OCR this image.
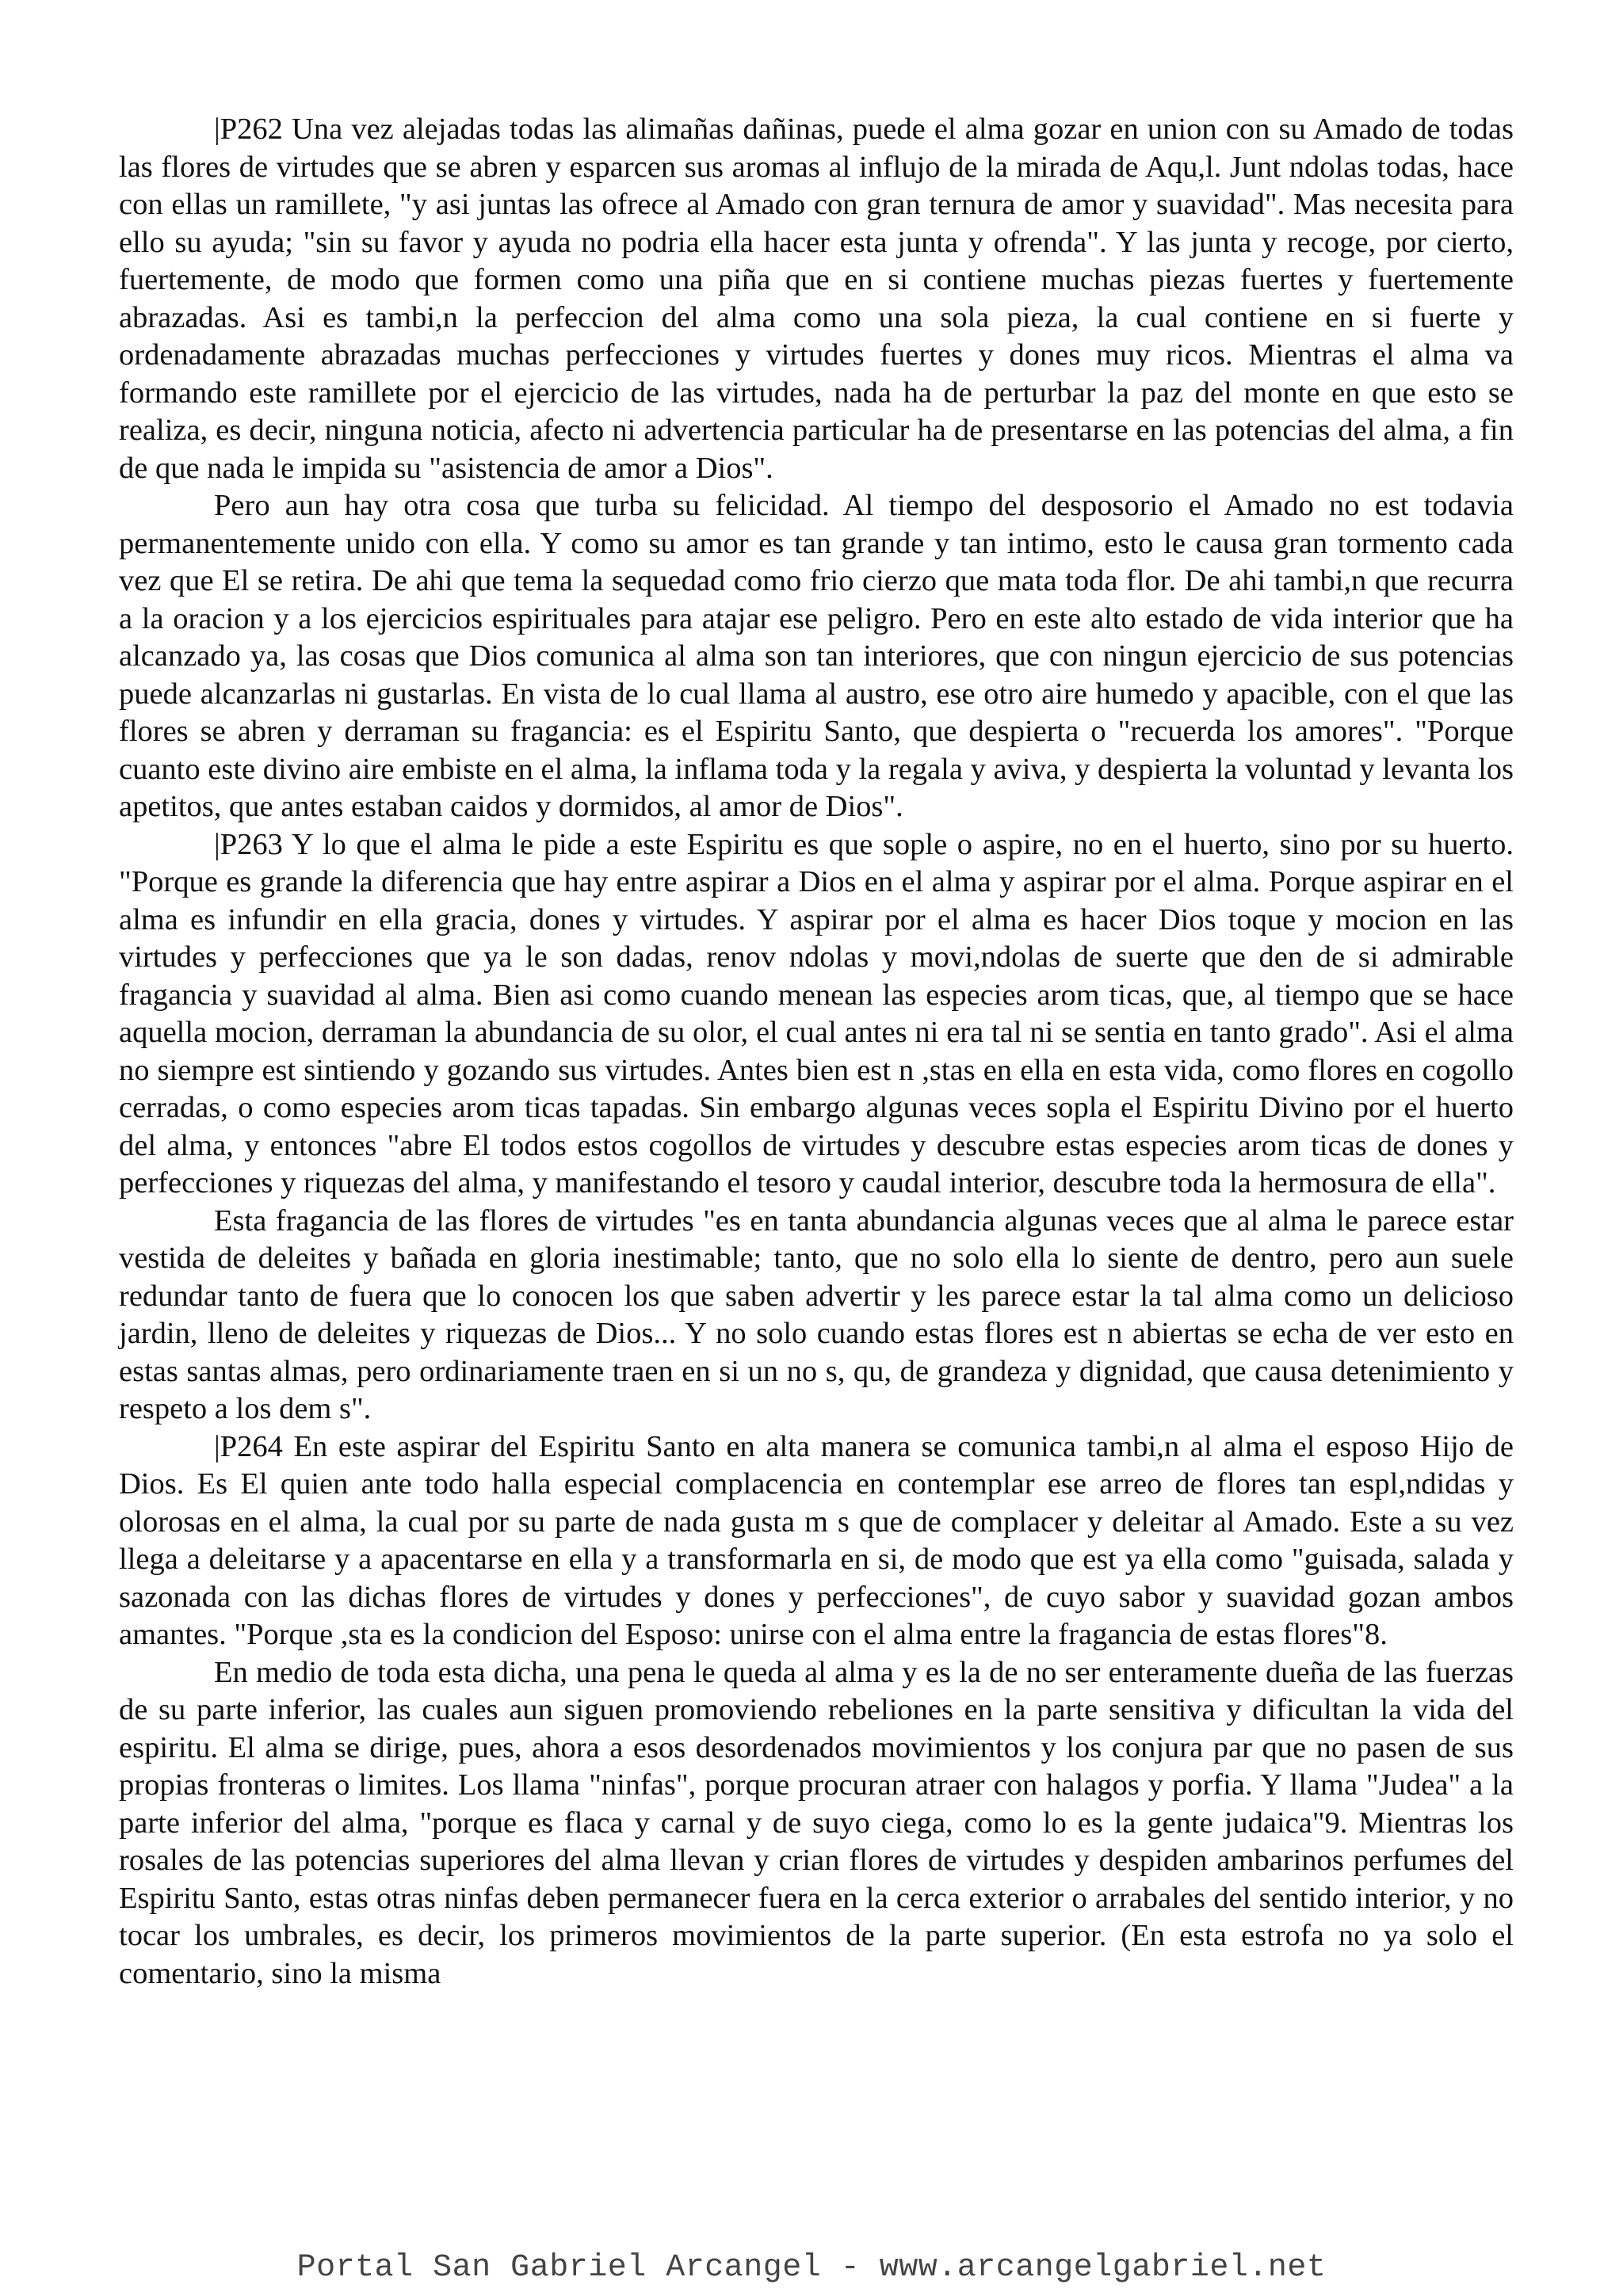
|P262 Una vez alejadas todas las alimañas dañinas, puede el alma gozar en union con su Amado de todas las flores de virtudes que se abren y esparcen sus aromas al influjo de la mirada de Aqu,l. Junt ndolas todas, hace con ellas un ramillete, "y asi juntas las ofrece al Amado con gran ternura de amor y suavidad". Mas necesita para ello su ayuda; "sin su favor y ayuda no podria ella hacer esta junta y ofrenda". Y las junta y recoge, por cierto, fuertemente, de modo que formen como una piña que en si contiene muchas piezas fuertes y fuertemente abrazadas. Asi es tambi,n la perfeccion del alma como una sola pieza, la cual contiene en si fuerte y ordenadamente abrazadas muchas perfecciones y virtudes fuertes y dones muy ricos. Mientras el alma va formando este ramillete por el ejercicio de las virtudes, nada ha de perturbar la paz del monte en que esto se realiza, es decir, ninguna noticia, afecto ni advertencia particular ha de presentarse en las potencias del alma, a fin de que nada le impida su "asistencia de amor a Dios".

Pero aun hay otra cosa que turba su felicidad. Al tiempo del desposorio el Amado no est todavia permanentemente unido con ella. Y como su amor es tan grande y tan intimo, esto le causa gran tormento cada vez que El se retira. De ahi que tema la sequedad como frio cierzo que mata toda flor. De ahi tambi,n que recurra a la oracion y a los ejercicios espirituales para atajar ese peligro. Pero en este alto estado de vida interior que ha alcanzado ya, las cosas que Dios comunica al alma son tan interiores, que con ningun ejercicio de sus potencias puede alcanzarlas ni gustarlas. En vista de lo cual llama al austro, ese otro aire humedo y apacible, con el que las flores se abren y derraman su fragancia: es el Espiritu Santo, que despierta o "recuerda los amores". "Porque cuanto este divino aire embiste en el alma, la inflama toda y la regala y aviva, y despierta la voluntad y levanta los apetitos, que antes estaban caidos y dormidos, al amor de Dios".

|P263 Y lo que el alma le pide a este Espiritu es que sople o aspire, no en el huerto, sino por su huerto. "Porque es grande la diferencia que hay entre aspirar a Dios en el alma y aspirar por el alma. Porque aspirar en el alma es infundir en ella gracia, dones y virtudes. Y aspirar por el alma es hacer Dios toque y mocion en las virtudes y perfecciones que ya le son dadas, renov ndolas y movi,ndolas de suerte que den de si admirable fragancia y suavidad al alma. Bien asi como cuando menean las especies arom ticas, que, al tiempo que se hace aquella mocion, derraman la abundancia de su olor, el cual antes ni era tal ni se sentia en tanto grado". Asi el alma no siempre est sintiendo y gozando sus virtudes. Antes bien est n ,stas en ella en esta vida, como flores en cogollo cerradas, o como especies arom ticas tapadas. Sin embargo algunas veces sopla el Espiritu Divino por el huerto del alma, y entonces "abre El todos estos cogollos de virtudes y descubre estas especies arom ticas de dones y perfecciones y riquezas del alma, y manifestando el tesoro y caudal interior, descubre toda la hermosura de ella".

Esta fragancia de las flores de virtudes "es en tanta abundancia algunas veces que al alma le parece estar vestida de deleites y bañada en gloria inestimable; tanto, que no solo ella lo siente de dentro, pero aun suele redundar tanto de fuera que lo conocen los que saben advertir y les parece estar la tal alma como un delicioso jardin, lleno de deleites y riquezas de Dios... Y no solo cuando estas flores est n abiertas se echa de ver esto en estas santas almas, pero ordinariamente traen en si un no s, qu, de grandeza y dignidad, que causa detenimiento y respeto a los dem s".

|P264 En este aspirar del Espiritu Santo en alta manera se comunica tambi,n al alma el esposo Hijo de Dios. Es El quien ante todo halla especial complacencia en contemplar ese arreo de flores tan espl,ndidas y olorosas en el alma, la cual por su parte de nada gusta m s que de complacer y deleitar al Amado. Este a su vez llega a deleitarse y a apacentarse en ella y a transformarla en si, de modo que est ya ella como "guisada, salada y sazonada con las dichas flores de virtudes y dones y perfecciones", de cuyo sabor y suavidad gozan ambos amantes. "Porque ,sta es la condicion del Esposo: unirse con el alma entre la fragancia de estas flores"8.

En medio de toda esta dicha, una pena le queda al alma y es la de no ser enteramente dueña de las fuerzas de su parte inferior, las cuales aun siguen promoviendo rebeliones en la parte sensitiva y dificultan la vida del espiritu. El alma se dirige, pues, ahora a esos desordenados movimientos y los conjura par que no pasen de sus propias fronteras o limites. Los llama "ninfas", porque procuran atraer con halagos y porfia. Y llama "Judea" a la parte inferior del alma, "porque es flaca y carnal y de suyo ciega, como lo es la gente judaica"9. Mientras los rosales de las potencias superiores del alma llevan y crian flores de virtudes y despiden ambarinos perfumes del Espiritu Santo, estas otras ninfas deben permanecer fuera en la cerca exterior o arrabales del sentido interior, y no tocar los umbrales, es decir, los primeros movimientos de la parte superior. (En esta estrofa no ya solo el comentario, sino la misma

Portal San Gabriel Arcangel - www.arcangelgabriel.net
